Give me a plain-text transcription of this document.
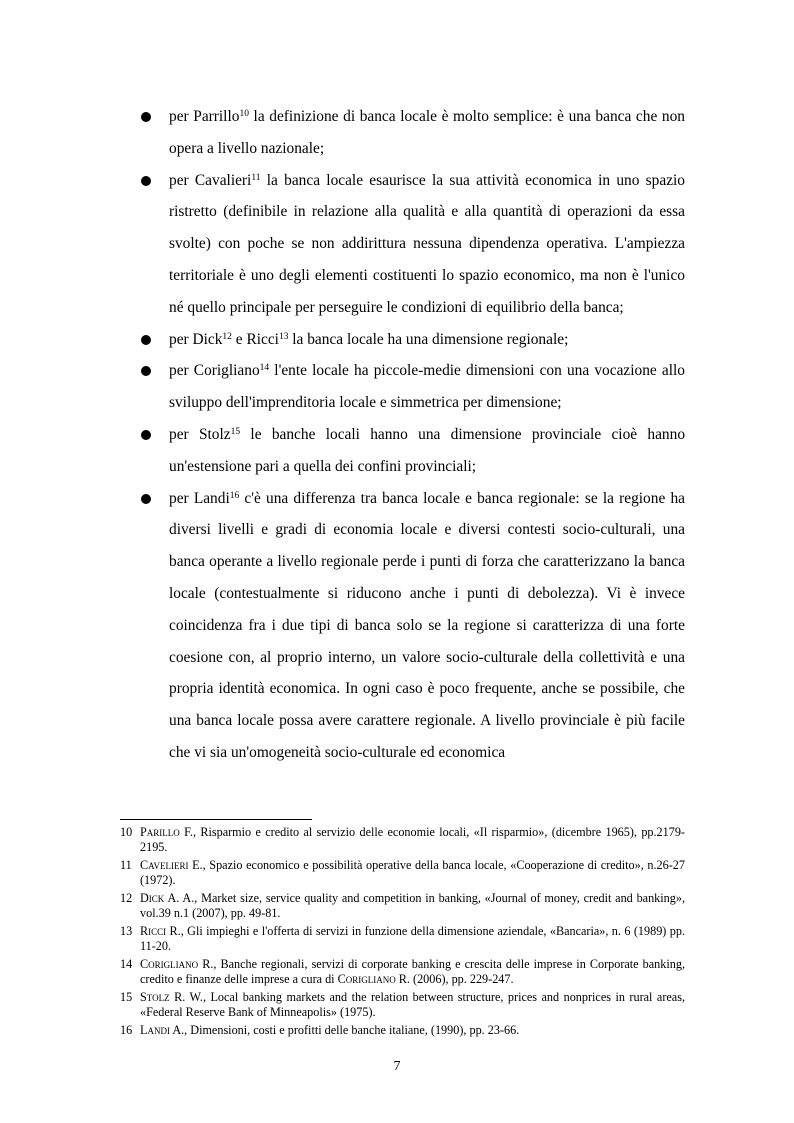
per Parrillo$^{10}$ la definizione di banca locale è molto semplice: è una banca che non opera a livello nazionale;
per Cavalieri$^{11}$ la banca locale esaurisce la sua attività economica in uno spazio ristretto (definibile in relazione alla qualità e alla quantità di operazioni da essa svolte) con poche se non addirittura nessuna dipendenza operativa. L'ampiezza territoriale è uno degli elementi costituenti lo spazio economico, ma non è l'unico né quello principale per perseguire le condizioni di equilibrio della banca;
per Dick$^{12}$ e Ricci$^{13}$ la banca locale ha una dimensione regionale;
per Corigliano$^{14}$ l'ente locale ha piccole-medie dimensioni con una vocazione allo sviluppo dell'imprenditoria locale e simmetrica per dimensione;
per Stolz$^{15}$ le banche locali hanno una dimensione provinciale cioè hanno un'estensione pari a quella dei confini provinciali;
per Landi$^{16}$ c'è una differenza tra banca locale e banca regionale: se la regione ha diversi livelli e gradi di economia locale e diversi contesti socio-culturali, una banca operante a livello regionale perde i punti di forza che caratterizzano la banca locale (contestualmente si riducono anche i punti di debolezza). Vi è invece coincidenza fra i due tipi di banca solo se la regione si caratterizza di una forte coesione con, al proprio interno, un valore socio-culturale della collettività e una propria identità economica. In ogni caso è poco frequente, anche se possibile, che una banca locale possa avere carattere regionale. A livello provinciale è più facile che vi sia un'omogeneità socio-culturale ed economica
10 Parillo F., Risparmio e credito al servizio delle economie locali, «Il risparmio», (dicembre 1965), pp.2179-2195.
11 Cavelieri E., Spazio economico e possibilità operative della banca locale, «Cooperazione di credito», n.26-27 (1972).
12 Dick A. A., Market size, service quality and competition in banking, «Journal of money, credit and banking», vol.39 n.1 (2007), pp. 49-81.
13 Ricci R., Gli impieghi e l'offerta di servizi in funzione della dimensione aziendale, «Bancaria», n. 6 (1989) pp. 11-20.
14 Corigliano R., Banche regionali, servizi di corporate banking e crescita delle imprese in Corporate banking, credito e finanze delle imprese a cura di Corigliano R. (2006), pp. 229-247.
15 Stolz R. W., Local banking markets and the relation between structure, prices and nonprices in rural areas, «Federal Reserve Bank of Minneapolis» (1975).
16 Landi A., Dimensioni, costi e profitti delle banche italiane, (1990), pp. 23-66.
7
